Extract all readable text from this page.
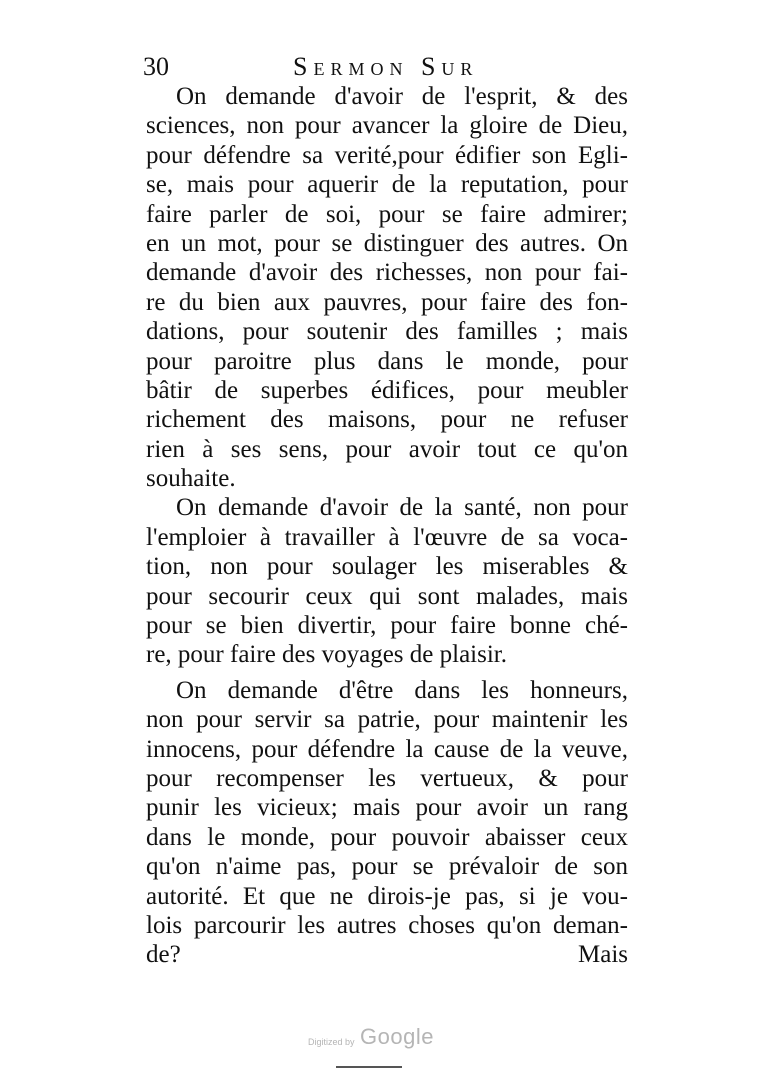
30	Sermon Sur
On demande d'avoir de l'esprit, & des
sciences, non pour avancer la gloire de Dieu,
pour défendre sa verité,pour édifier son Egli-
se, mais pour aquerir de la reputation, pour
faire parler de soi, pour se faire admirer;
en un mot, pour se distinguer des autres. On
demande d'avoir des richesses, non pour fai-
re du bien aux pauvres, pour faire des fon-
dations, pour soutenir des familles ; mais
pour paroitre plus dans le monde, pour
bâtir de superbes édifices, pour meubler
richement des maisons, pour ne refuser
rien à ses sens, pour avoir tout ce qu'on
souhaite.
On demande d'avoir de la santé, non pour
l'emploier à travailler à l'œuvre de sa voca-
tion, non pour soulager les miserables &
pour secourir ceux qui sont malades, mais
pour se bien divertir, pour faire bonne ché-
re, pour faire des voyages de plaisir.
On demande d'être dans les honneurs,
non pour servir sa patrie, pour maintenir les
innocens, pour défendre la cause de la veuve,
pour recompenser les vertueux, & pour
punir les vicieux; mais pour avoir un rang
dans le monde, pour pouvoir abaisser ceux
qu'on n'aime pas, pour se prévaloir de son
autorité. Et que ne dirois-je pas, si je vou-
lois parcourir les autres choses qu'on deman-
de?	Mais
Digitized by Google
